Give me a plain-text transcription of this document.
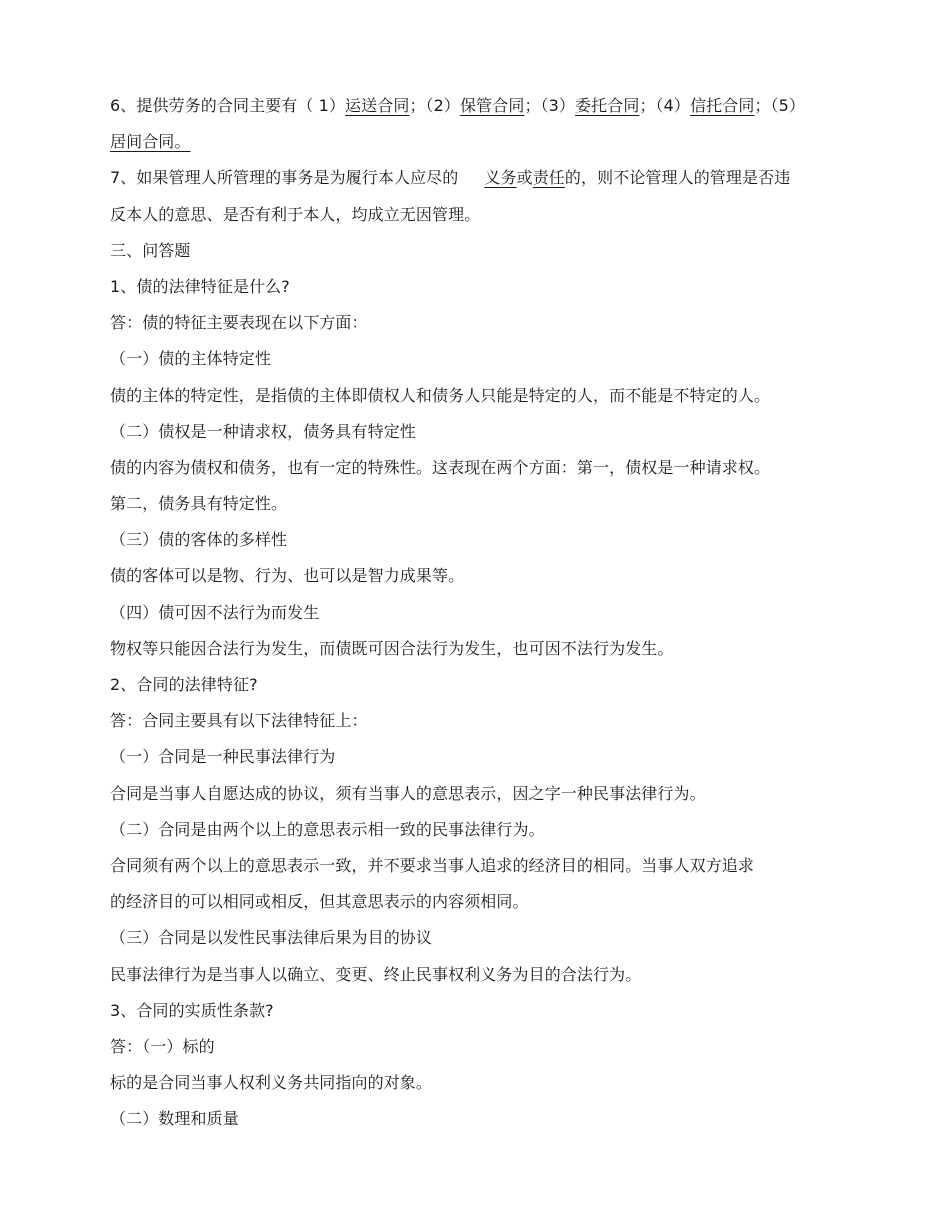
6、提供劳务的合同主要有（ 1）运送合同；（2）保管合同；（3）委托合同；（4）信托合同；（5）
居间合同。
7、如果管理人所管理的事务是为履行本人应尽的 义务或责任的，则不论管理人的管理是否违
反本人的意思、是否有利于本人，均成立无因管理。
三、问答题
1、债的法律特征是什么?
答：债的特征主要表现在以下方面：
（一）债的主体特定性
债的主体的特定性，是指债的主体即债权人和债务人只能是特定的人，而不能是不特定的人。
（二）债权是一种请求权，债务具有特定性
债的内容为债权和债务，也有一定的特殊性。这表现在两个方面：第一，债权是一种请求权。
第二，债务具有特定性。
（三）债的客体的多样性
债的客体可以是物、行为、也可以是智力成果等。
（四）债可因不法行为而发生
物权等只能因合法行为发生，而债既可因合法行为发生，也可因不法行为发生。
2、合同的法律特征?
答：合同主要具有以下法律特征上：
（一）合同是一种民事法律行为
合同是当事人自愿达成的协议，须有当事人的意思表示，因之字一种民事法律行为。
（二）合同是由两个以上的意思表示相一致的民事法律行为。
合同须有两个以上的意思表示一致，并不要求当事人追求的经济目的相同。当事人双方追求
的经济目的可以相同或相反，但其意思表示的内容须相同。
（三）合同是以发性民事法律后果为目的协议
民事法律行为是当事人以确立、变更、终止民事权利义务为目的合法行为。
3、合同的实质性条款?
答：（一）标的
标的是合同当事人权利义务共同指向的对象。
（二）数理和质量
